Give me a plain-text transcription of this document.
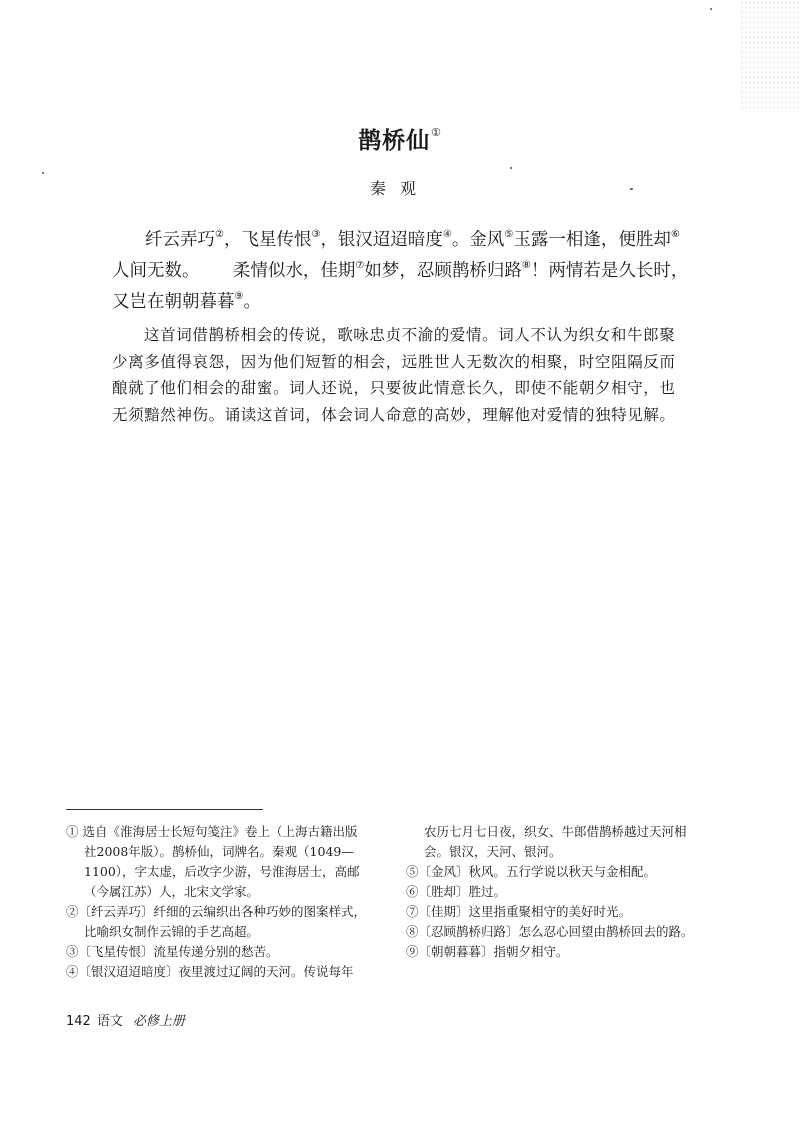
鹊桥仙①
秦观

纤云弄巧②，飞星传恨③，银汉迢迢暗度④。金风⑤玉露一相逢，便胜却⑥人间无数。 柔情似水，佳期⑦如梦，忍顾鹊桥归路⑧！两情若是久长时，又岂在朝朝暮暮⑨。

这首词借鹊桥相会的传说，歌咏忠贞不渝的爱情。词人不认为织女和牛郎聚少离多值得哀怨，因为他们短暂的相会，远胜世人无数次的相聚，时空阻隔反而酿就了他们相会的甜蜜。词人还说，只要彼此情意长久，即使不能朝夕相守，也无须黯然神伤。诵读这首词，体会词人命意的高妙，理解他对爱情的独特见解。

① 选自《淮海居士长短句笺注》卷上（上海古籍出版社2008年版）。鹊桥仙，词牌名。秦观（1049—1100），字太虚，后改字少游，号淮海居士，高邮（今属江苏）人，北宋文学家。

②〔纤云弄巧〕纤细的云编织出各种巧妙的图案样式，比喻织女制作云锦的手艺高超。

③〔飞星传恨〕流星传递分别的愁苦。

④〔银汉迢迢暗度〕夜里渡过辽阔的天河。传说每年

农历七月七日夜，织女、牛郎借鹊桥越过天河相会。银汉，天河、银河。

⑤〔金风〕秋风。五行学说以秋天与金相配。

⑥〔胜却〕胜过。

⑦〔佳期〕这里指重聚相守的美好时光。

⑧〔忍顾鹊桥归路〕怎么忍心回望由鹊桥回去的路。

⑨〔朝朝暮暮〕指朝夕相守。

142 语文 必修上册
